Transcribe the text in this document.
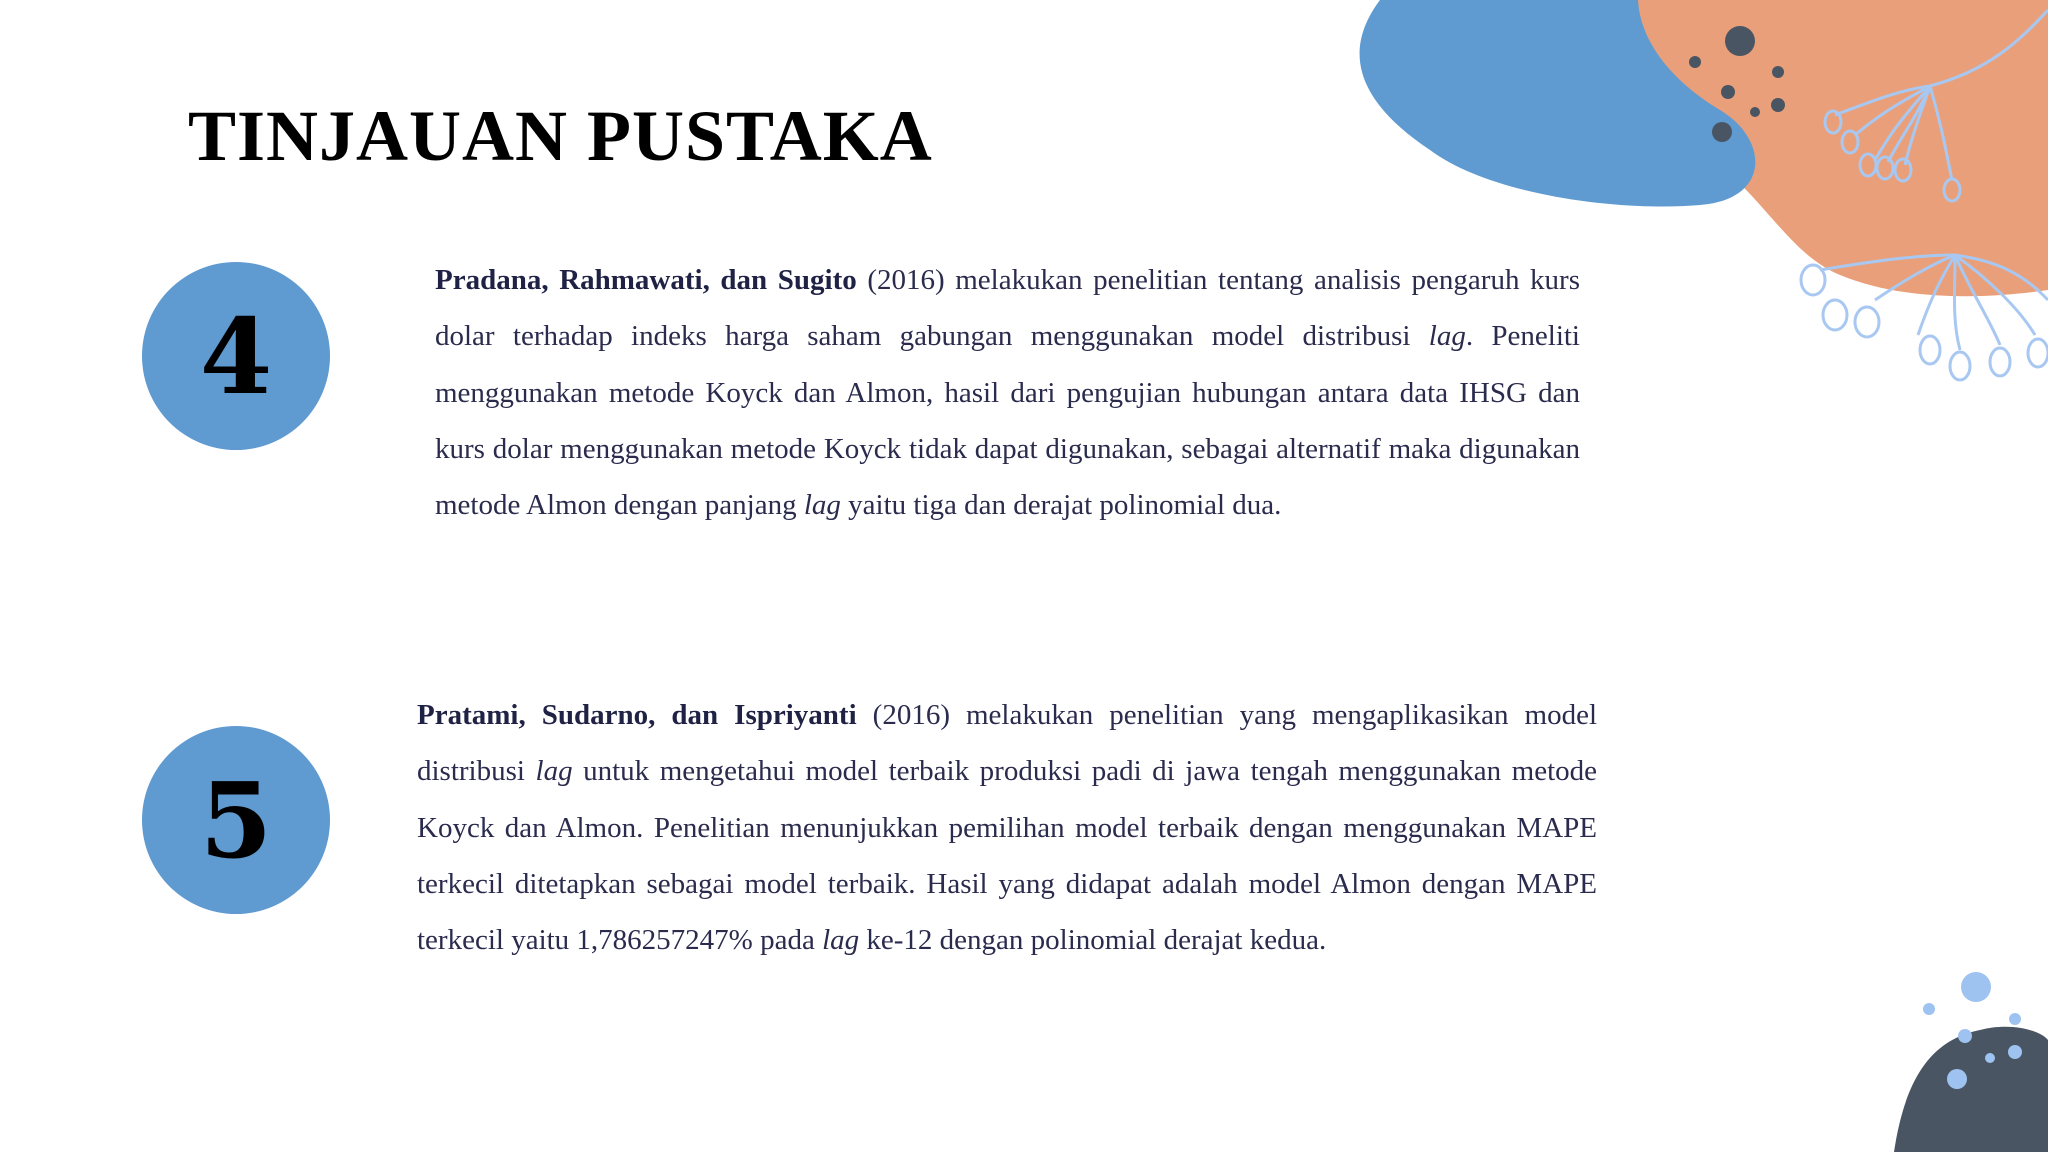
TINJAUAN PUSTAKA
4

Pradana, Rahmawati, dan Sugito (2016) melakukan penelitian tentang analisis pengaruh kurs dolar terhadap indeks harga saham gabungan menggunakan model distribusi lag. Peneliti menggunakan metode Koyck dan Almon, hasil dari pengujian hubungan antara data IHSG dan kurs dolar menggunakan metode Koyck tidak dapat digunakan, sebagai alternatif maka digunakan metode Almon dengan panjang lag yaitu tiga dan derajat polinomial dua.

5

Pratami, Sudarno, dan Ispriyanti (2016) melakukan penelitian yang mengaplikasikan model distribusi lag untuk mengetahui model terbaik produksi padi di jawa tengah menggunakan metode Koyck dan Almon. Penelitian menunjukkan pemilihan model terbaik dengan menggunakan MAPE terkecil ditetapkan sebagai model terbaik. Hasil yang didapat adalah model Almon dengan MAPE terkecil yaitu 1,786257247% pada lag ke-12 dengan polinomial derajat kedua.
